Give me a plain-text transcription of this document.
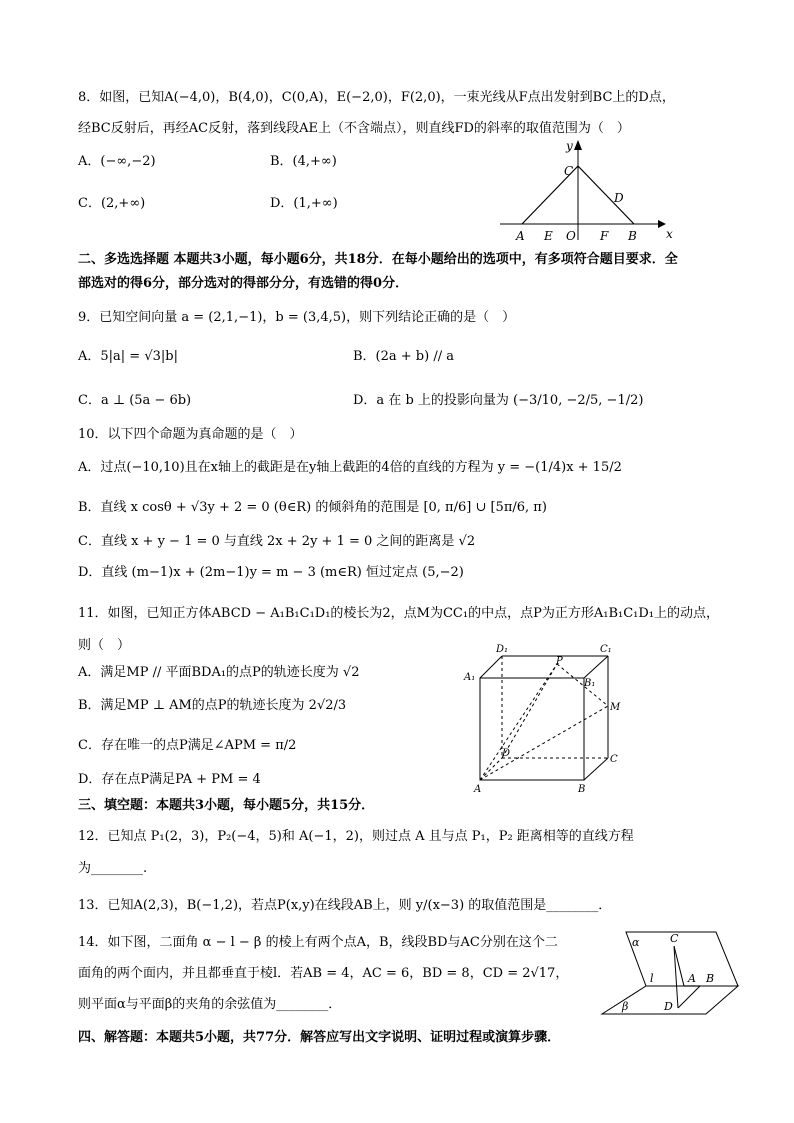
8．如图，已知A(−4,0)，B(4,0)，C(0,A)，E(−2,0)，F(2,0)，一束光线从F点出发射到BC上的D点，
经BC反射后，再经AC反射，落到线段AE上（不含端点），则直线FD的斜率的取值范围为（　）
A．(−∞,−2)	B．(4,+∞)
C．(2,+∞)	D．(1,+∞)
y
x
C
D
A E O F B
二、多选选择题 本题共3小题，每小题6分，共18分．在每小题给出的选项中，有多项符合题目要求．全
部选对的得6分，部分选对的得部分分，有选错的得0分．
9．已知空间向量 a = (2,1,−1)，b = (3,4,5)，则下列结论正确的是（　）
A．5|a| = √3|b|	B．(2a + b) // a
C．a ⊥ (5a − 6b)	D．a 在 b 上的投影向量为 (−3/10, −2/5, −1/2)
10．以下四个命题为真命题的是（　）
A．过点(−10,10)且在x轴上的截距是在y轴上截距的4倍的直线的方程为 y = −(1/4)x + 15/2
B．直线 x cosθ + √3y + 2 = 0 (θ∈R) 的倾斜角的范围是 [0, π/6] ∪ [5π/6, π)
C．直线 x + y − 1 = 0 与直线 2x + 2y + 1 = 0 之间的距离是 √2
D．直线 (m−1)x + (2m−1)y = m − 3 (m∈R) 恒过定点 (5,−2)
11．如图，已知正方体ABCD − A₁B₁C₁D₁的棱长为2，点M为CC₁的中点，点P为正方形A₁B₁C₁D₁上的动点，
则（　）
A．满足MP // 平面BDA₁的点P的轨迹长度为 √2
B．满足MP ⊥ AM的点P的轨迹长度为 2√2/3
C．存在唯一的点P满足∠APM = π/2
D．存在点P满足PA + PM = 4
D₁	C₁
A₁
B₁
P
M
D
C
A	B
三、填空题：本题共3小题，每小题5分，共15分．
12．已知点 P₁(2，3)，P₂(−4，5)和 A(−1，2)，则过点 A 且与点 P₁，P₂ 距离相等的直线方程
为________.
13．已知A(2,3)，B(−1,2)，若点P(x,y)在线段AB上，则 y/(x−3) 的取值范围是________．
14．如下图，二面角 α − l − β 的棱上有两个点A，B，线段BD与AC分别在这个二
面角的两个面内，并且都垂直于棱l．若AB = 4，AC = 6，BD = 8，CD = 2√17，
则平面α与平面β的夹角的余弦值为________．
α	C
l	A B
β	D
四、解答题：本题共5小题，共77分．解答应写出文字说明、证明过程或演算步骤．
